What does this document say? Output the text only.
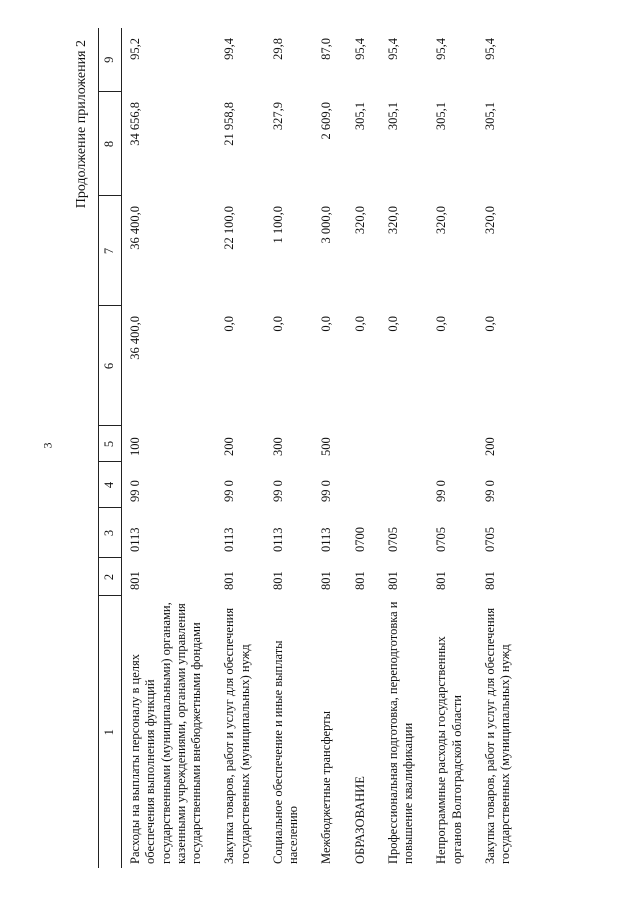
3
Продолжение приложения 2
1	2	3	4	5	6	7	8	9
Расходы на выплаты персоналу в целях обеспечения выполнения функций государственными (муниципальными) органами, казенными учреждениями, органами управления государственными внебюджетными фондами	801	0113	99 0	100	36 400,0	36 400,0	34 656,8	95,2
Закупка товаров, работ и услуг для обеспечения государственных (муниципальных) нужд	801	0113	99 0	200	0,0	22 100,0	21 958,8	99,4
Социальное обеспечение и иные выплаты населению	801	0113	99 0	300	0,0	1 100,0	327,9	29,8
Межбюджетные трансферты	801	0113	99 0	500	0,0	3 000,0	2 609,0	87,0
ОБРАЗОВАНИЕ	801	0700			0,0	320,0	305,1	95,4
Профессиональная подготовка, переподготовка и повышение квалификации	801	0705			0,0	320,0	305,1	95,4
Непрограммные расходы государственных органов Волгоградской области	801	0705	99 0		0,0	320,0	305,1	95,4
Закупка товаров, работ и услуг для обеспечения государственных (муниципальных) нужд	801	0705	99 0	200	0,0	320,0	305,1	95,4
